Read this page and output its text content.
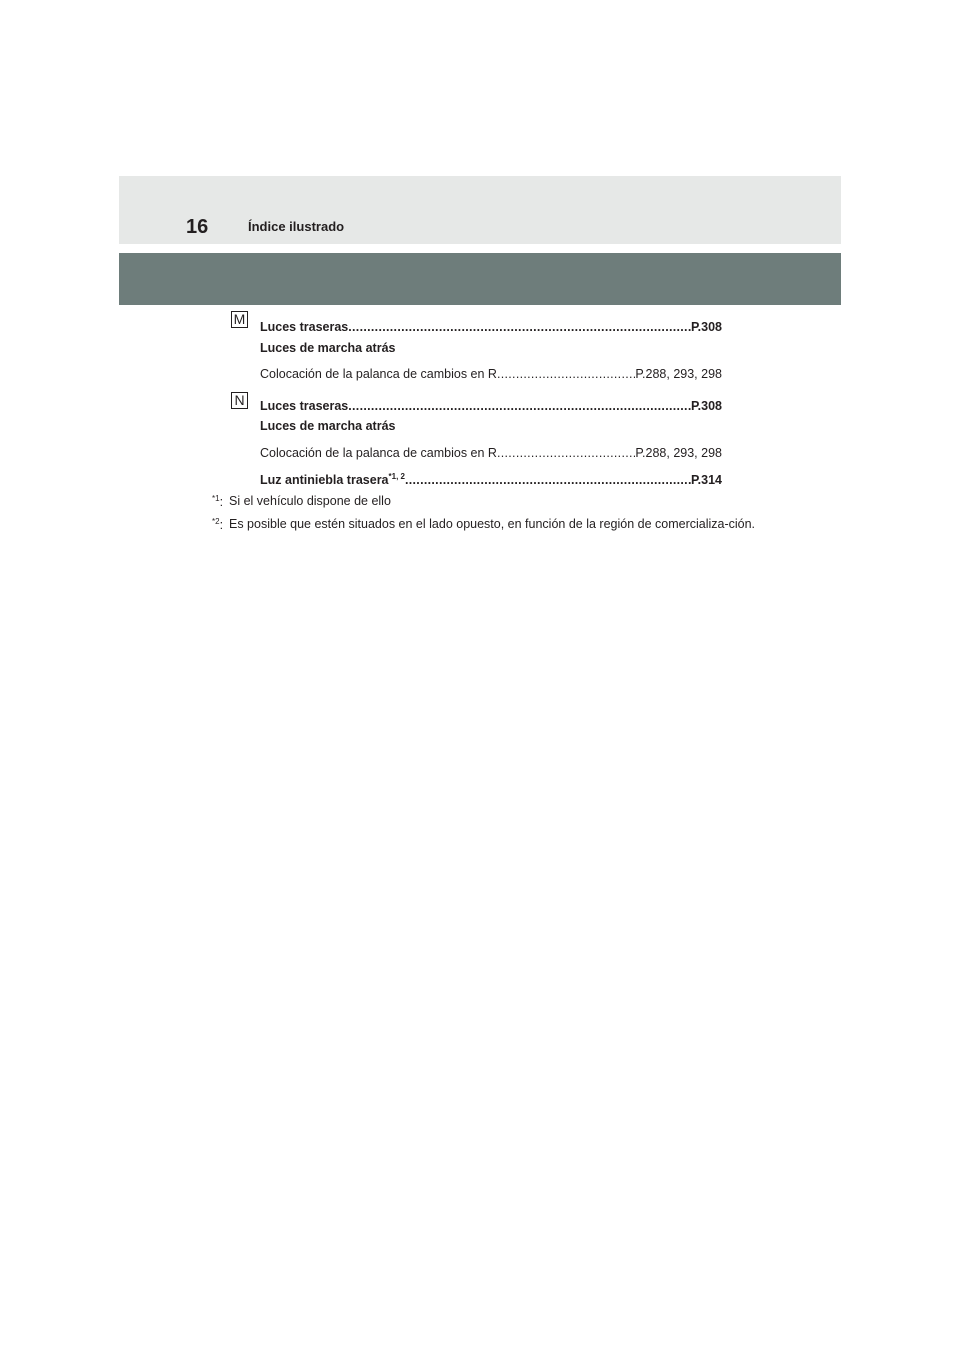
16	Índice ilustrado
M Luces traseras .....	P.308
Luces de marcha atrás
Colocación de la palanca de cambios en R .....	P.288, 293, 298
N Luces traseras .....	P.308
Luces de marcha atrás
Colocación de la palanca de cambios en R .....	P.288, 293, 298
Luz antiniebla trasera$^{*1, 2}$ .....	P.314
$^{*1}$: Si el vehículo dispone de ello
$^{*2}$: Es posible que estén situados en el lado opuesto, en función de la región de comercializa-ción.
